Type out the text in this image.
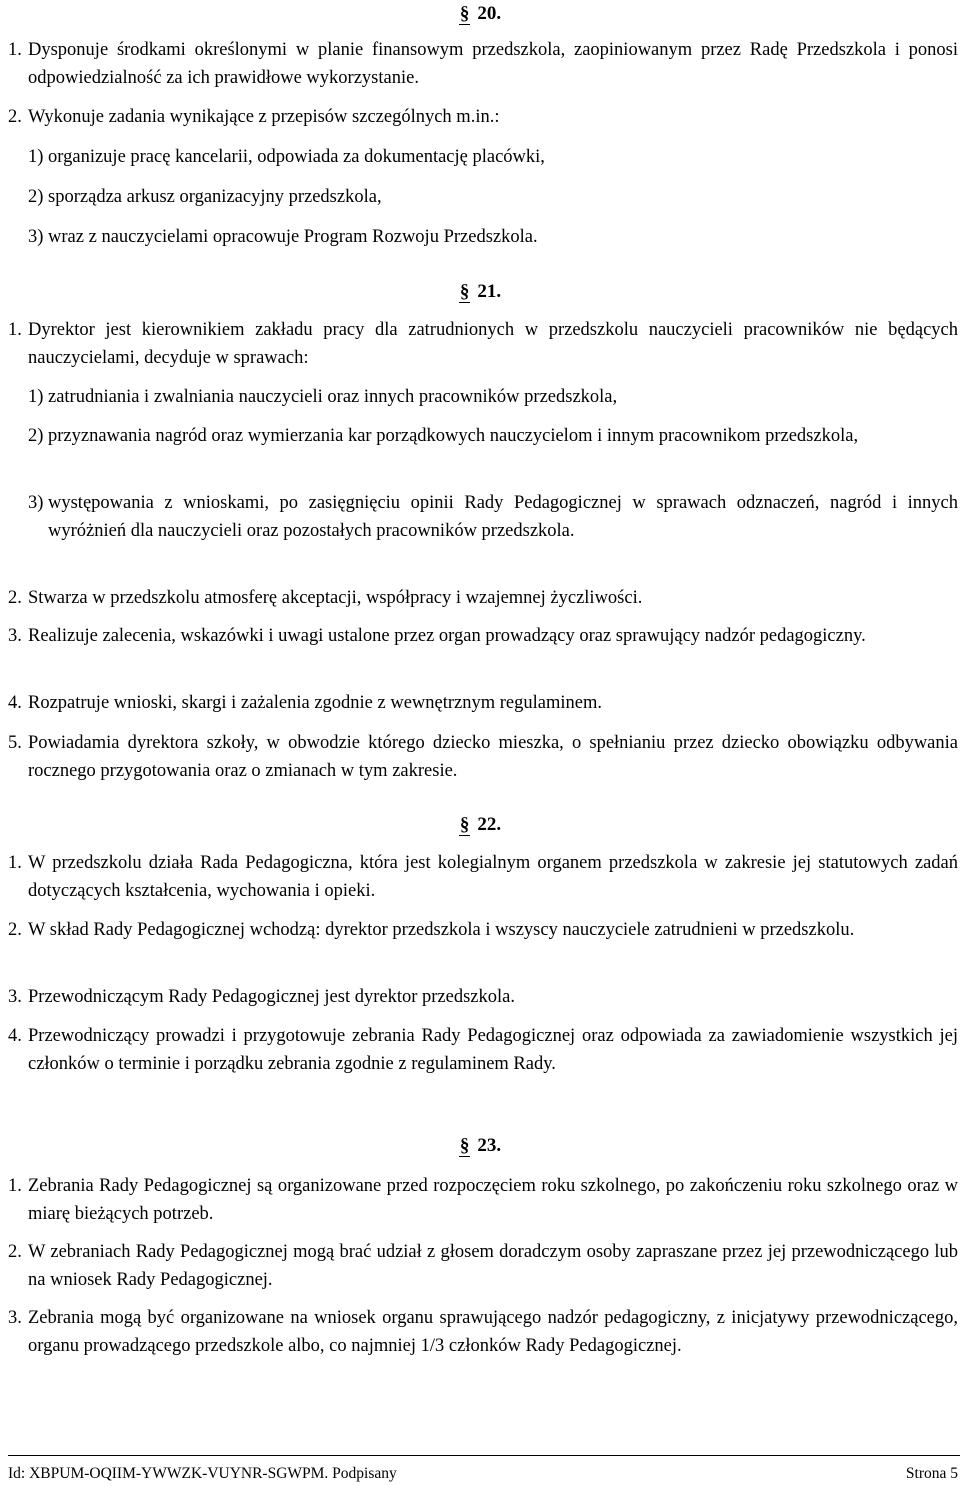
§ 20.
1. Dysponuje środkami określonymi w planie finansowym przedszkola, zaopiniowanym przez Radę Przedszkola i ponosi odpowiedzialność za ich prawidłowe wykorzystanie.
2. Wykonuje zadania wynikające z przepisów szczególnych m.in.:
1) organizuje pracę kancelarii, odpowiada za dokumentację placówki,
2) sporządza arkusz organizacyjny przedszkola,
3) wraz z nauczycielami opracowuje Program Rozwoju Przedszkola.
§ 21.
1. Dyrektor jest kierownikiem zakładu pracy dla zatrudnionych w przedszkolu nauczycieli pracowników nie będących nauczycielami, decyduje w sprawach:
1) zatrudniania i zwalniania nauczycieli oraz innych pracowników przedszkola,
2) przyznawania nagród oraz wymierzania kar porządkowych nauczycielom i innym pracownikom przedszkola,
3) występowania z wnioskami, po zasięgnięciu opinii Rady Pedagogicznej w sprawach odznaczeń, nagród i innych wyróżnień dla nauczycieli oraz pozostałych pracowników przedszkola.
2. Stwarza w przedszkolu atmosferę akceptacji, współpracy i wzajemnej życzliwości.
3. Realizuje zalecenia, wskazówki i uwagi ustalone przez organ prowadzący oraz sprawujący nadzór pedagogiczny.
4. Rozpatruje wnioski, skargi i zażalenia zgodnie z wewnętrznym regulaminem.
5. Powiadamia dyrektora szkoły, w obwodzie którego dziecko mieszka, o spełnianiu przez dziecko obowiązku odbywania rocznego przygotowania oraz o zmianach w tym zakresie.
§ 22.
1. W przedszkolu działa Rada Pedagogiczna, która jest kolegialnym organem przedszkola w zakresie jej statutowych zadań dotyczących kształcenia, wychowania i opieki.
2. W skład Rady Pedagogicznej wchodzą: dyrektor przedszkola i wszyscy nauczyciele zatrudnieni w przedszkolu.
3. Przewodniczącym Rady Pedagogicznej jest dyrektor przedszkola.
4. Przewodniczący prowadzi i przygotowuje zebrania Rady Pedagogicznej oraz odpowiada za zawiadomienie wszystkich jej członków o terminie i porządku zebrania zgodnie z regulaminem Rady.
§ 23.
1. Zebrania Rady Pedagogicznej są organizowane przed rozpoczęciem roku szkolnego, po zakończeniu roku szkolnego oraz w miarę bieżących potrzeb.
2. W zebraniach Rady Pedagogicznej mogą brać udział z głosem doradczym osoby zapraszane przez jej przewodniczącego lub na wniosek Rady Pedagogicznej.
3. Zebrania mogą być organizowane na wniosek organu sprawującego nadzór pedagogiczny, z inicjatywy przewodniczącego, organu prowadzącego przedszkole albo, co najmniej 1/3 członków Rady Pedagogicznej.
Id: XBPUM-OQIIM-YWWZK-VUYNR-SGWPM. Podpisany	Strona 5
